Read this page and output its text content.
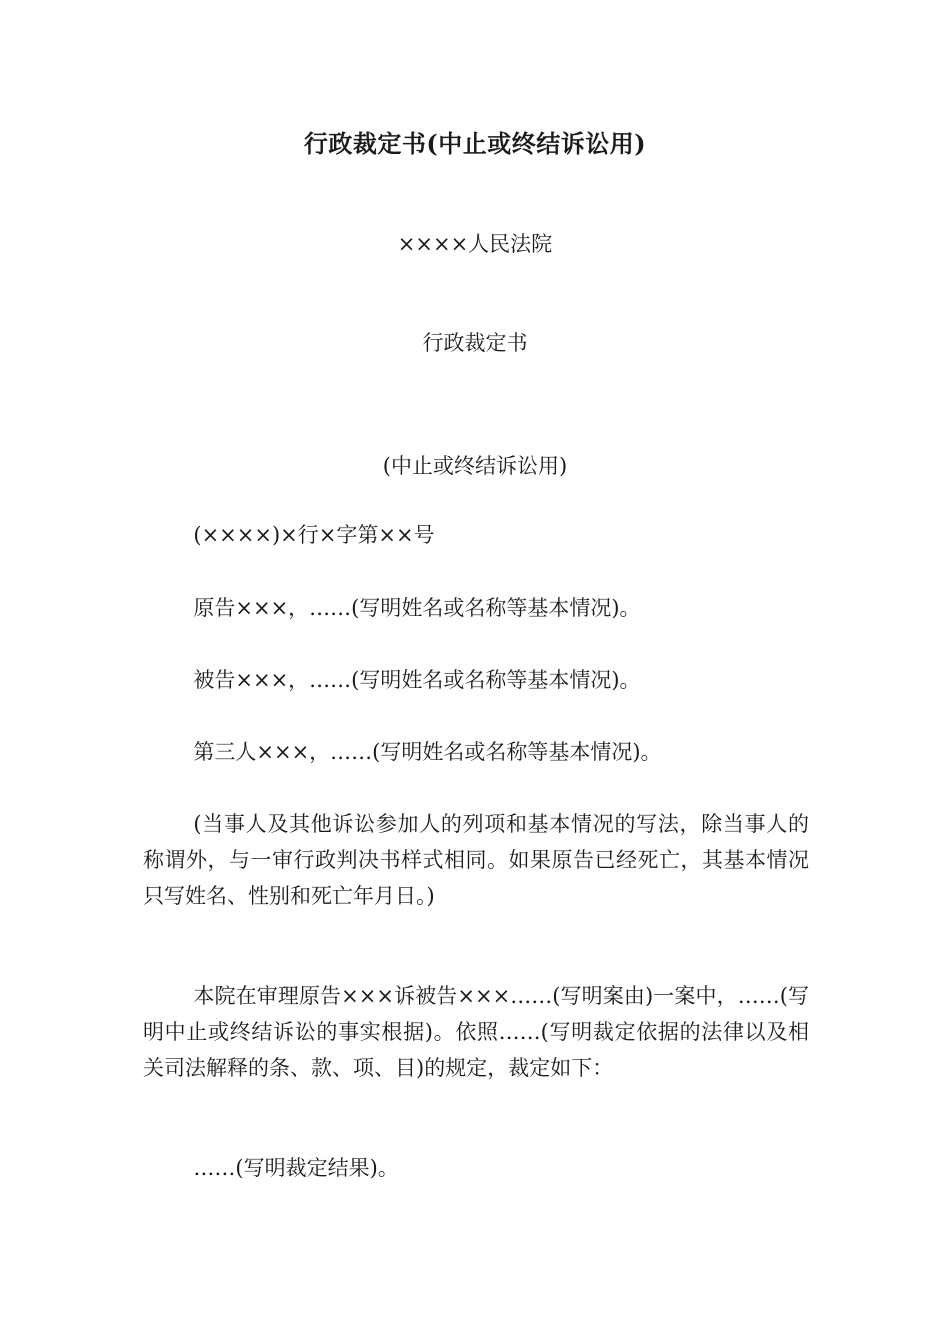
行政裁定书(中止或终结诉讼用)
××××人民法院
行政裁定书
(中止或终结诉讼用)

(××××)×行×字第××号

原告×××，……(写明姓名或名称等基本情况)。

被告×××，……(写明姓名或名称等基本情况)。

第三人×××，……(写明姓名或名称等基本情况)。

(当事人及其他诉讼参加人的列项和基本情况的写法，除当事人的称谓外，与一审行政判决书样式相同。如果原告已经死亡，其基本情况只写姓名、性别和死亡年月日。)

本院在审理原告×××诉被告×××……(写明案由)一案中，……(写明中止或终结诉讼的事实根据)。依照……(写明裁定依据的法律以及相关司法解释的条、款、项、目)的规定，裁定如下：

……(写明裁定结果)。
